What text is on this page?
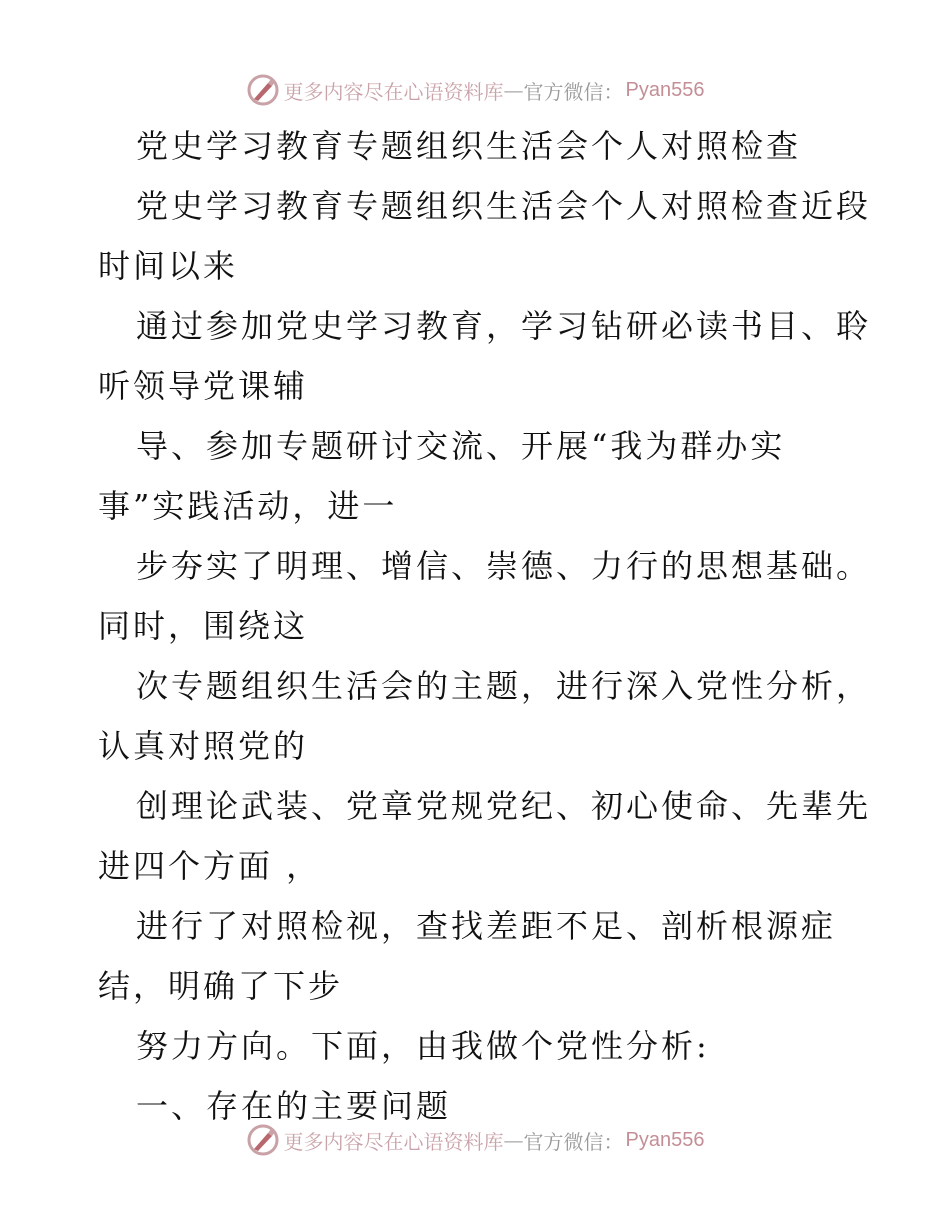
更多内容尽在心语资料库 — 官方微信： Pyan556

党史学习教育专题组织生活会个人对照检查

党史学习教育专题组织生活会个人对照检查近段

时间以来

通过参加党史学习教育，学习钻研必读书目、聆

听领导党课辅

导、参加专题研讨交流、开展“我为群办实

事”实践活动，进一

步夯实了明理、增信、崇德、力行的思想基础。

同时，围绕这

次专题组织生活会的主题，进行深入党性分析，

认真对照党的

创理论武装、党章党规党纪、初心使命、先辈先

进四个方面 ，

进行了对照检视，查找差距不足、剖析根源症

结，明确了下步

努力方向。下面，由我做个党性分析:

一、存在的主要问题

更多内容尽在心语资料库 — 官方微信： Pyan556
